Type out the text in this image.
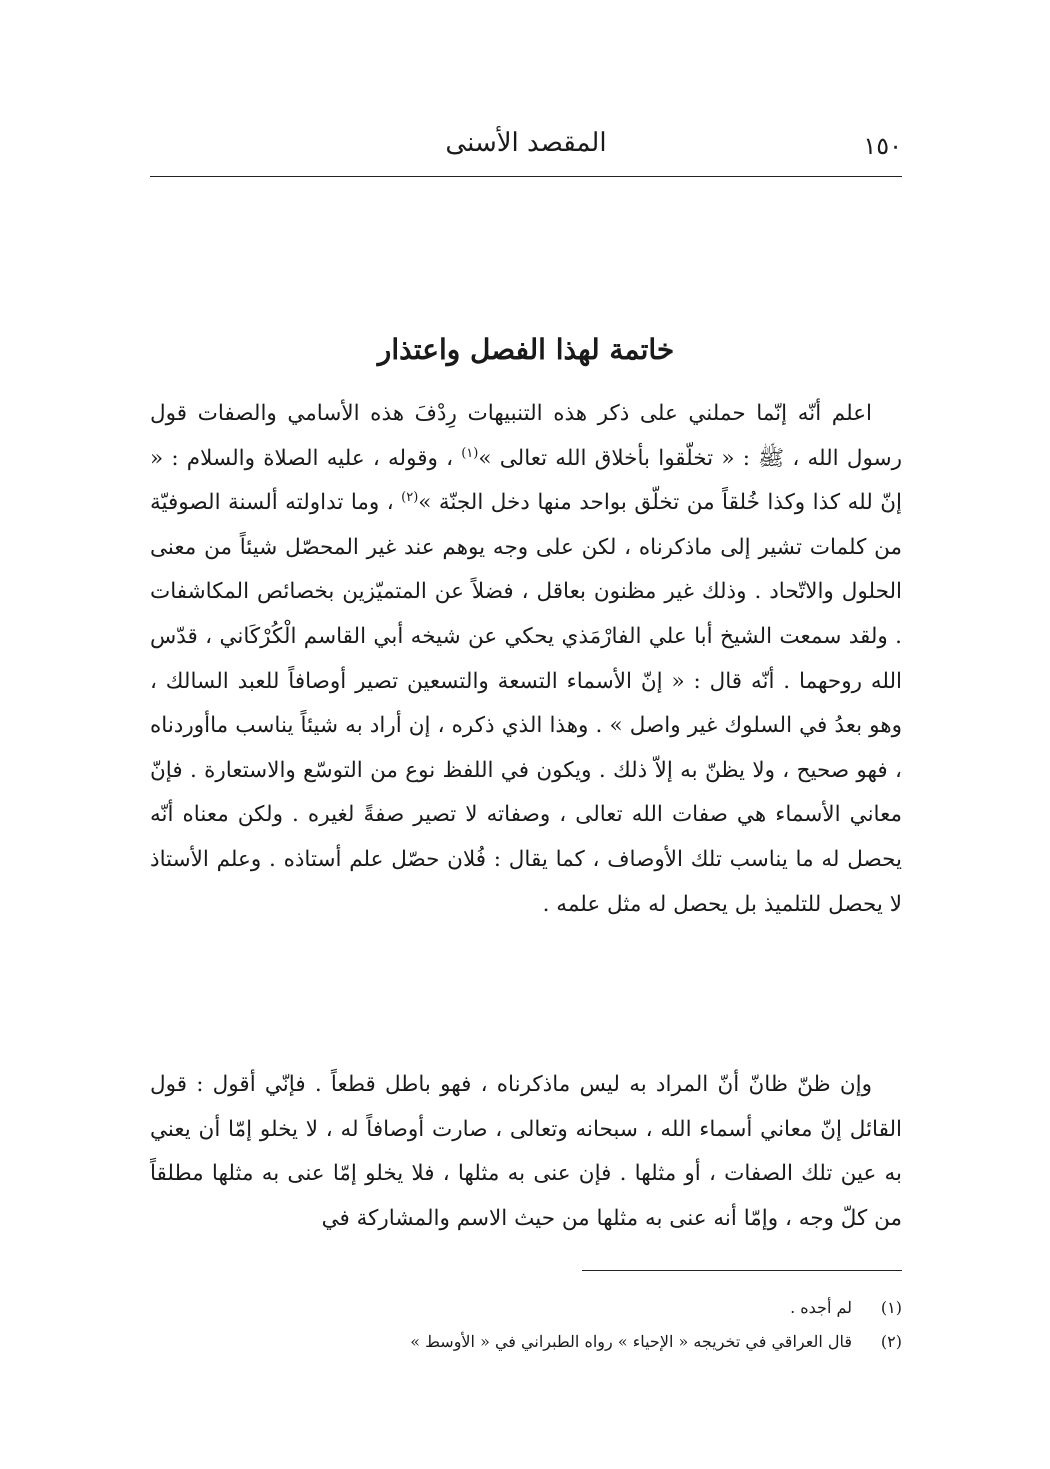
١٥٠
المقصد الأسنى
خاتمة لهذا الفصل واعتذار
اعلم أنّه إنّما حملني على ذكر هذه التنبيهات رِدْفَ هذه الأسامي والصفات قول رسول الله ، ﷺ : « تخلّقوا بأخلاق الله تعالى »$^{(١)}$ ، وقوله ، عليه الصلاة والسلام : « إنّ لله كذا وكذا خُلقاً من تخلّق بواحد منها دخل الجنّة »$^{(٢)}$ ، وما تداولته ألسنة الصوفيّة من كلمات تشير إلى ماذكرناه ، لكن على وجه يوهم عند غير المحصّل شيئاً من معنى الحلول والاتّحاد . وذلك غير مظنون بعاقل ، فضلاً عن المتميّزين بخصائص المكاشفات . ولقد سمعت الشيخ أبا علي الفارْمَذي يحكي عن شيخه أبي القاسم الْكُرْكَاني ، قدّس الله روحهما . أنّه قال : « إنّ الأسماء التسعة والتسعين تصير أوصافاً للعبد السالك ، وهو بعدُ في السلوك غير واصل » . وهذا الذي ذكره ، إن أراد به شيئاً يناسب ماأوردناه ، فهو صحيح ، ولا يظنّ به إلاّ ذلك . ويكون في اللفظ نوع من التوسّع والاستعارة . فإنّ معاني الأسماء هي صفات الله تعالى ، وصفاته لا تصير صفةً لغيره . ولكن معناه أنّه يحصل له ما يناسب تلك الأوصاف ، كما يقال : فُلان حصّل علم أستاذه . وعلم الأستاذ لا يحصل للتلميذ بل يحصل له مثل علمه .
وإن ظنّ ظانّ أنّ المراد به ليس ماذكرناه ، فهو باطل قطعاً . فإنّي أقول : قول القائل إنّ معاني أسماء الله ، سبحانه وتعالى ، صارت أوصافاً له ، لا يخلو إمّا أن يعني به عين تلك الصفات ، أو مثلها . فإن عنى به مثلها ، فلا يخلو إمّا عنى به مثلها مطلقاً من كلّ وجه ، وإمّا أنه عنى به مثلها من حيث الاسم والمشاركة في
(١)لم أجده .
(٢)قال العراقي في تخريجه « الإحياء » رواه الطبراني في « الأوسط »
